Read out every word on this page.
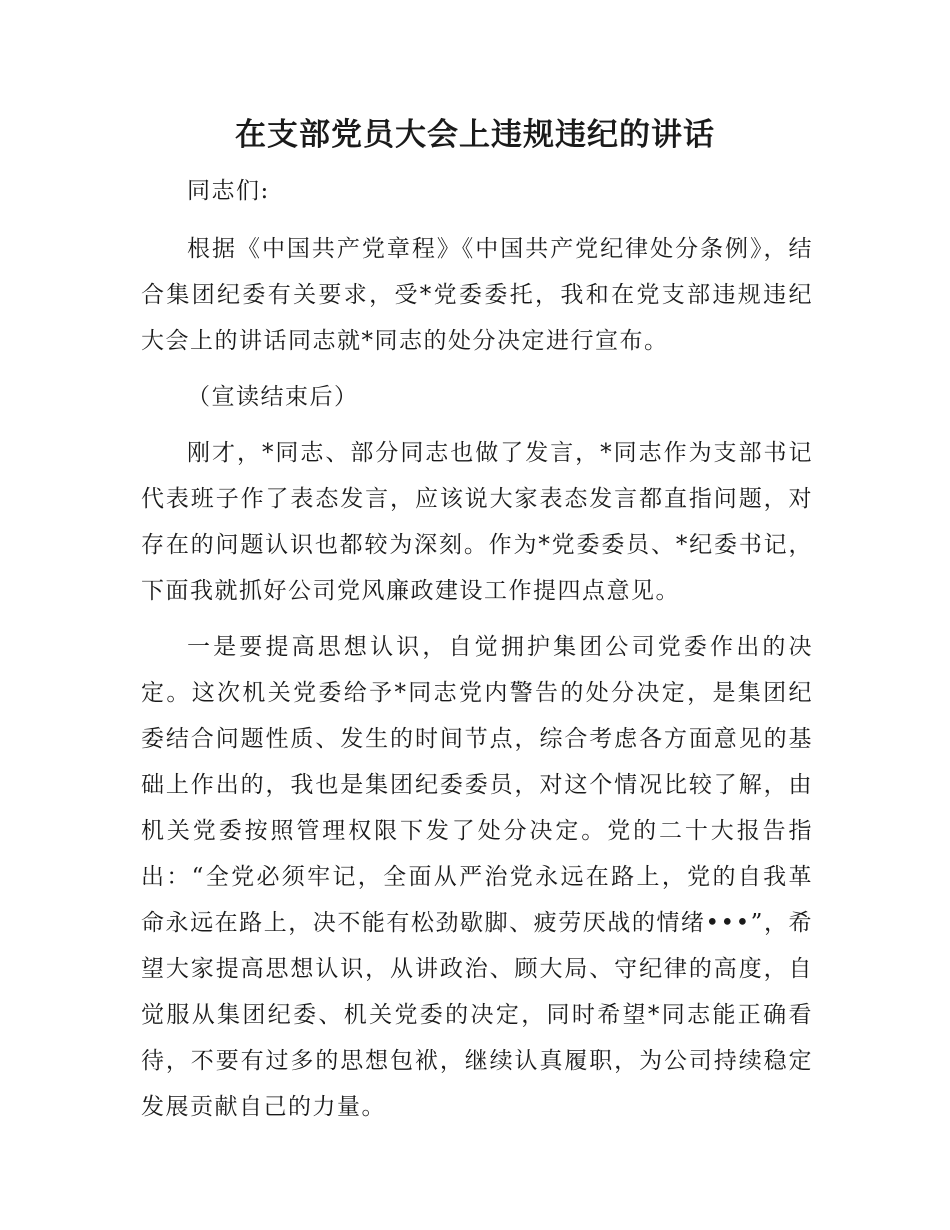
在支部党员大会上违规违纪的讲话

同志们:

根据《中国共产党章程》《中国共产党纪律处分条例》，结合集团纪委有关要求，受*党委委托，我和在党支部违规违纪大会上的讲话同志就*同志的处分决定进行宣布。

（宣读结束后）

刚才，*同志、部分同志也做了发言，*同志作为支部书记代表班子作了表态发言，应该说大家表态发言都直指问题，对存在的问题认识也都较为深刻。作为*党委委员、*纪委书记，下面我就抓好公司党风廉政建设工作提四点意见。

一是要提高思想认识，自觉拥护集团公司党委作出的决定。这次机关党委给予*同志党内警告的处分决定，是集团纪委结合问题性质、发生的时间节点，综合考虑各方面意见的基础上作出的，我也是集团纪委委员，对这个情况比较了解，由机关党委按照管理权限下发了处分决定。党的二十大报告指出：“全党必须牢记，全面从严治党永远在路上，党的自我革命永远在路上，决不能有松劲歇脚、疲劳厌战的情绪•••”，希望大家提高思想认识，从讲政治、顾大局、守纪律的高度，自觉服从集团纪委、机关党委的决定，同时希望*同志能正确看待，不要有过多的思想包袱，继续认真履职，为公司持续稳定发展贡献自己的力量。
